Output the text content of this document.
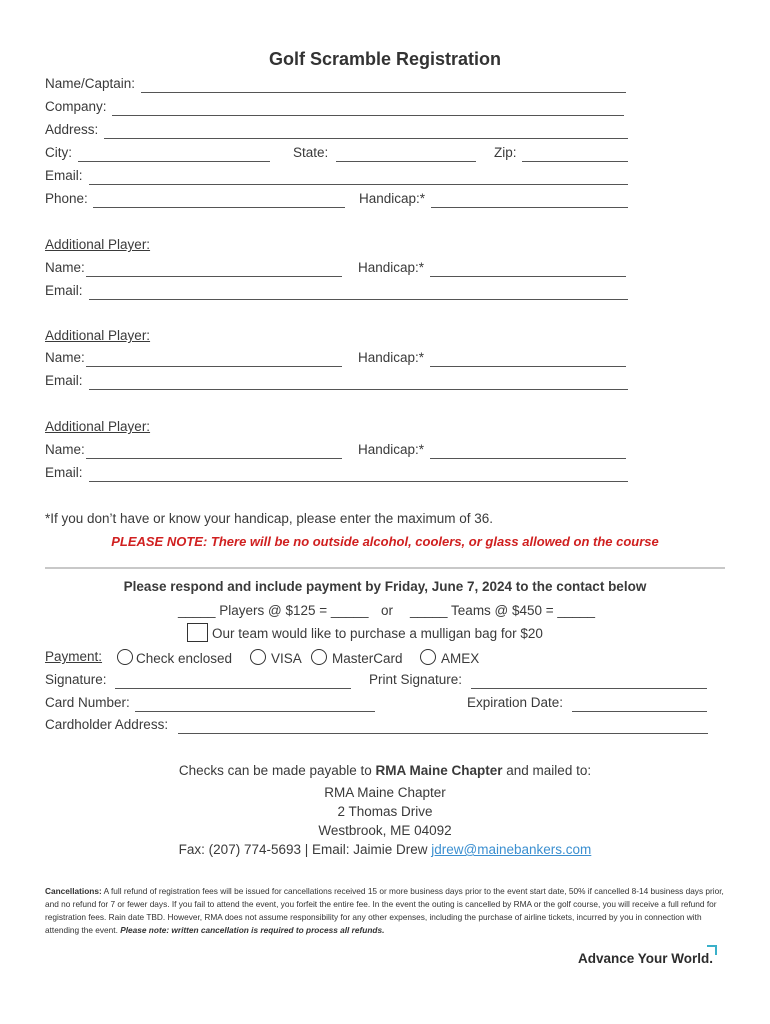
Golf Scramble Registration
Name/Captain:
Company:
Address:
City:	State:	Zip:
Email:
Phone:	Handicap:*
Additional Player:
Name:	Handicap:*
Email:
Additional Player:
Name:	Handicap:*
Email:
Additional Player:
Name:	Handicap:*
Email:
*If you don’t have or know your handicap, please enter the maximum of 36.
PLEASE NOTE: There will be no outside alcohol, coolers, or glass allowed on the course
Please respond and include payment by Friday, June 7, 2024 to the contact below
_____ Players @ $125 = _____ or _____ Teams @ $450 = _____
Our team would like to purchase a mulligan bag for $20
Payment:	Check enclosed	VISA	MasterCard	AMEX
Signature:	Print Signature:
Card Number:	Expiration Date:
Cardholder Address:
Checks can be made payable to RMA Maine Chapter and mailed to:
RMA Maine Chapter
2 Thomas Drive
Westbrook, ME 04092
Fax: (207) 774-5693 | Email: Jaimie Drew jdrew@mainebankers.com
Cancellations: A full refund of registration fees will be issued for cancellations received 15 or more business days prior to the event start date, 50% if cancelled 8-14 business days prior, and no refund for 7 or fewer days. If you fail to attend the event, you forfeit the entire fee. In the event the outing is cancelled by RMA or the golf course, you will receive a full refund for registration fees. Rain date TBD. However, RMA does not assume responsibility for any other expenses, including the purchase of airline tickets, incurred by you in connection with attending the event. Please note: written cancellation is required to process all refunds.
Advance Your World.
